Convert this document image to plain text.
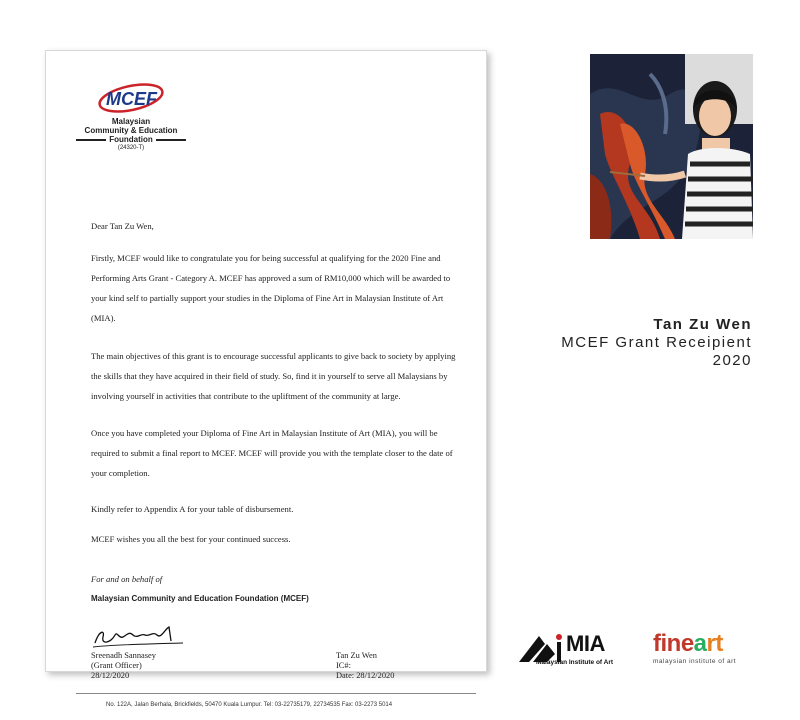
MCEF
Malaysian
Community & Education
Foundation
(24320-T)
Dear Tan Zu Wen,
Firstly, MCEF would like to congratulate you for being successful at qualifying for the 2020 Fine and Performing Arts Grant - Category A. MCEF has approved a sum of RM10,000 which will be awarded to your kind self to partially support your studies in the Diploma of Fine Art in Malaysian Institute of Art (MIA).
The main objectives of this grant is to encourage successful applicants to give back to society by applying the skills that they have acquired in their field of study. So, find it in yourself to serve all Malaysians by involving yourself in activities that contribute to the upliftment of the community at large.
Once you have completed your Diploma of Fine Art in Malaysian Institute of Art (MIA), you will be required to submit a final report to MCEF. MCEF will provide you with the template closer to the date of your completion.
Kindly refer to Appendix A for your table of disbursement.
MCEF wishes you all the best for your continued success.
For and on behalf of
Malaysian Community and Education Foundation (MCEF)
Sreenadh Sannasey
(Grant Officer)
28/12/2020
Tan Zu Wen
IC#:
Date: 28/12/2020
No. 122A, Jalan Berhala, Brickfields, 50470 Kuala Lumpur. Tel: 03-22735179, 22734535 Fax: 03-2273 5014
Tan Zu Wen
MCEF Grant Receipient
2020
MIA
Malaysian Institute of Art
fineart
malaysian institute of art
